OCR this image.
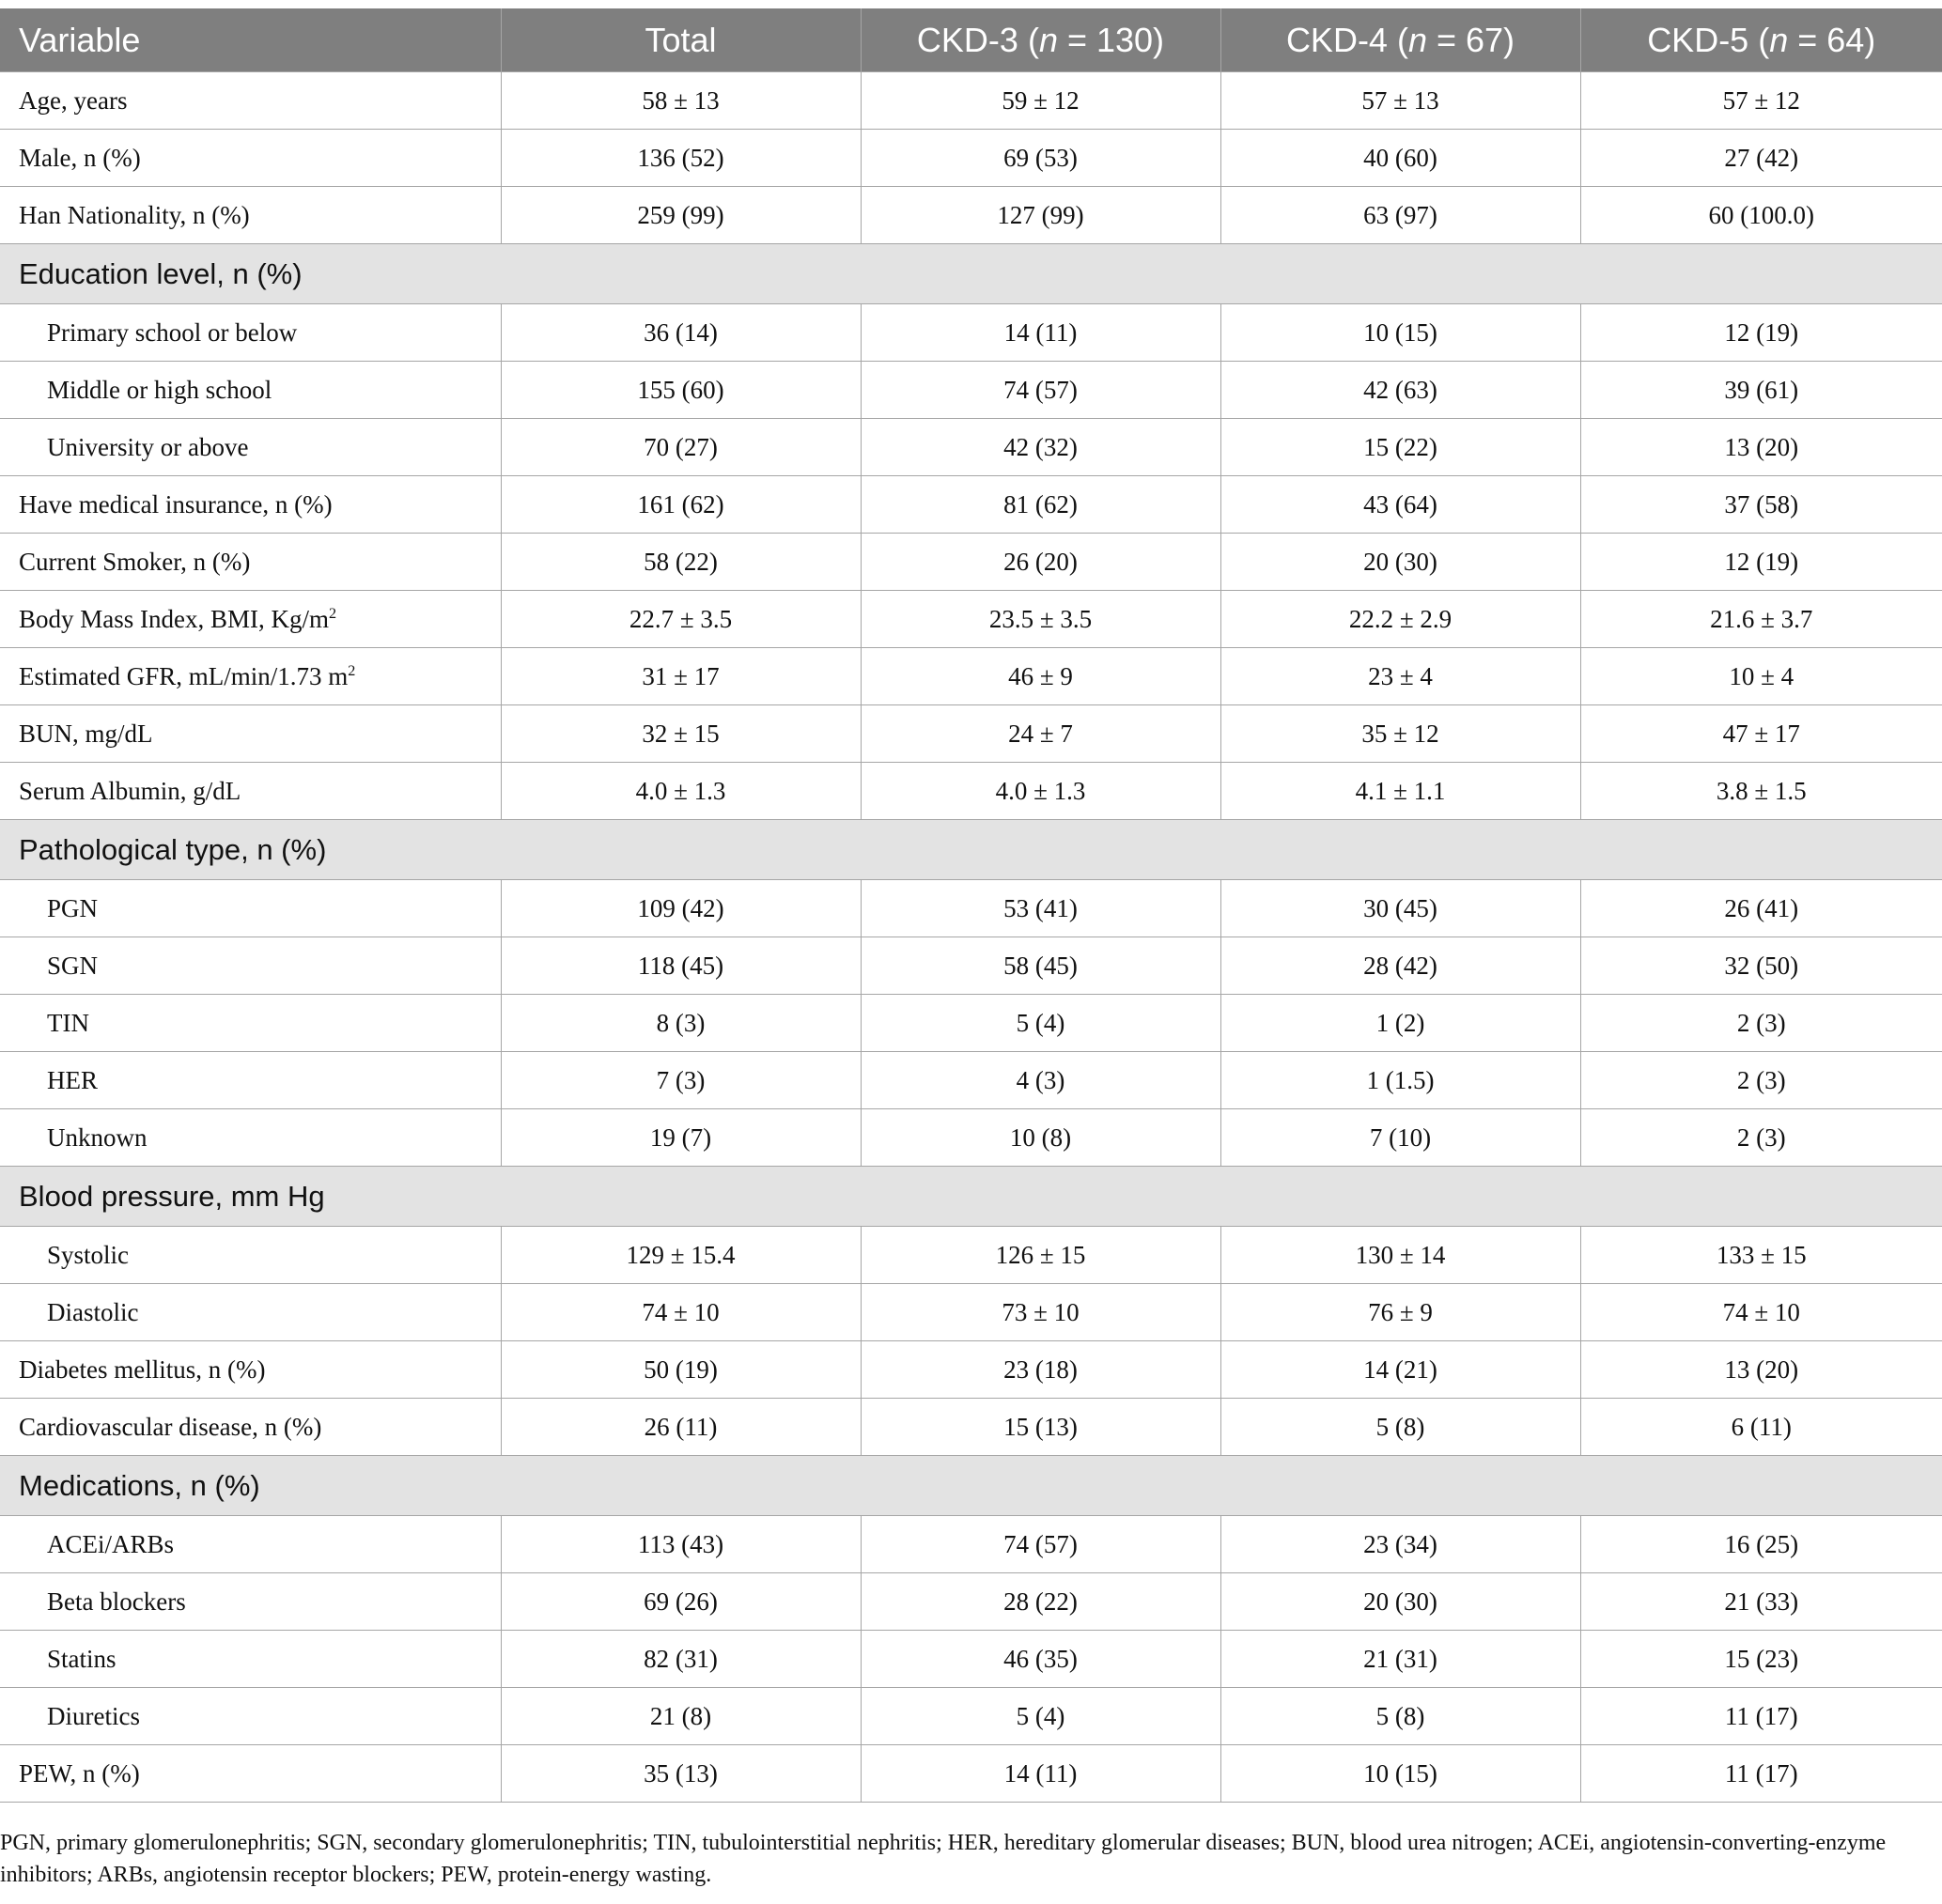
Variable	Total	CKD-3 (n = 130)	CKD-4 (n = 67)	CKD-5 (n = 64)
Age, years	58 ± 13	59 ± 12	57 ± 13	57 ± 12
Male, n (%)	136 (52)	69 (53)	40 (60)	27 (42)
Han Nationality, n (%)	259 (99)	127 (99)	63 (97)	60 (100.0)
Education level, n (%)				
Primary school or below	36 (14)	14 (11)	10 (15)	12 (19)
Middle or high school	155 (60)	74 (57)	42 (63)	39 (61)
University or above	70 (27)	42 (32)	15 (22)	13 (20)
Have medical insurance, n (%)	161 (62)	81 (62)	43 (64)	37 (58)
Current Smoker, n (%)	58 (22)	26 (20)	20 (30)	12 (19)
Body Mass Index, BMI, $Kg/m^2$	22.7 ± 3.5	23.5 ± 3.5	22.2 ± 2.9	21.6 ± 3.7
Estimated GFR, mL/min/1.73 $m^2$	31 ± 17	46 ± 9	23 ± 4	10 ± 4
BUN, mg/dL	32 ± 15	24 ± 7	35 ± 12	47 ± 17
Serum Albumin, g/dL	4.0 ± 1.3	4.0 ± 1.3	4.1 ± 1.1	3.8 ± 1.5
Pathological type, n (%)				
PGN	109 (42)	53 (41)	30 (45)	26 (41)
SGN	118 (45)	58 (45)	28 (42)	32 (50)
TIN	8 (3)	5 (4)	1 (2)	2 (3)
HER	7 (3)	4 (3)	1 (1.5)	2 (3)
Unknown	19 (7)	10 (8)	7 (10)	2 (3)
Blood pressure, mm Hg				
Systolic	129 ± 15.4	126 ± 15	130 ± 14	133 ± 15
Diastolic	74 ± 10	73 ± 10	76 ± 9	74 ± 10
Diabetes mellitus, n (%)	50 (19)	23 (18)	14 (21)	13 (20)
Cardiovascular disease, n (%)	26 (11)	15 (13)	5 (8)	6 (11)
Medications, n (%)				
ACEi/ARBs	113 (43)	74 (57)	23 (34)	16 (25)
Beta blockers	69 (26)	28 (22)	20 (30)	21 (33)
Statins	82 (31)	46 (35)	21 (31)	15 (23)
Diuretics	21 (8)	5 (4)	5 (8)	11 (17)
PEW, n (%)	35 (13)	14 (11)	10 (15)	11 (17)
PGN, primary glomerulonephritis; SGN, secondary glomerulonephritis; TIN, tubulointerstitial nephritis; HER, hereditary glomerular diseases; BUN, blood urea nitrogen; ACEi, angiotensin-converting-enzyme inhibitors; ARBs, angiotensin receptor blockers; PEW, protein-energy wasting.
